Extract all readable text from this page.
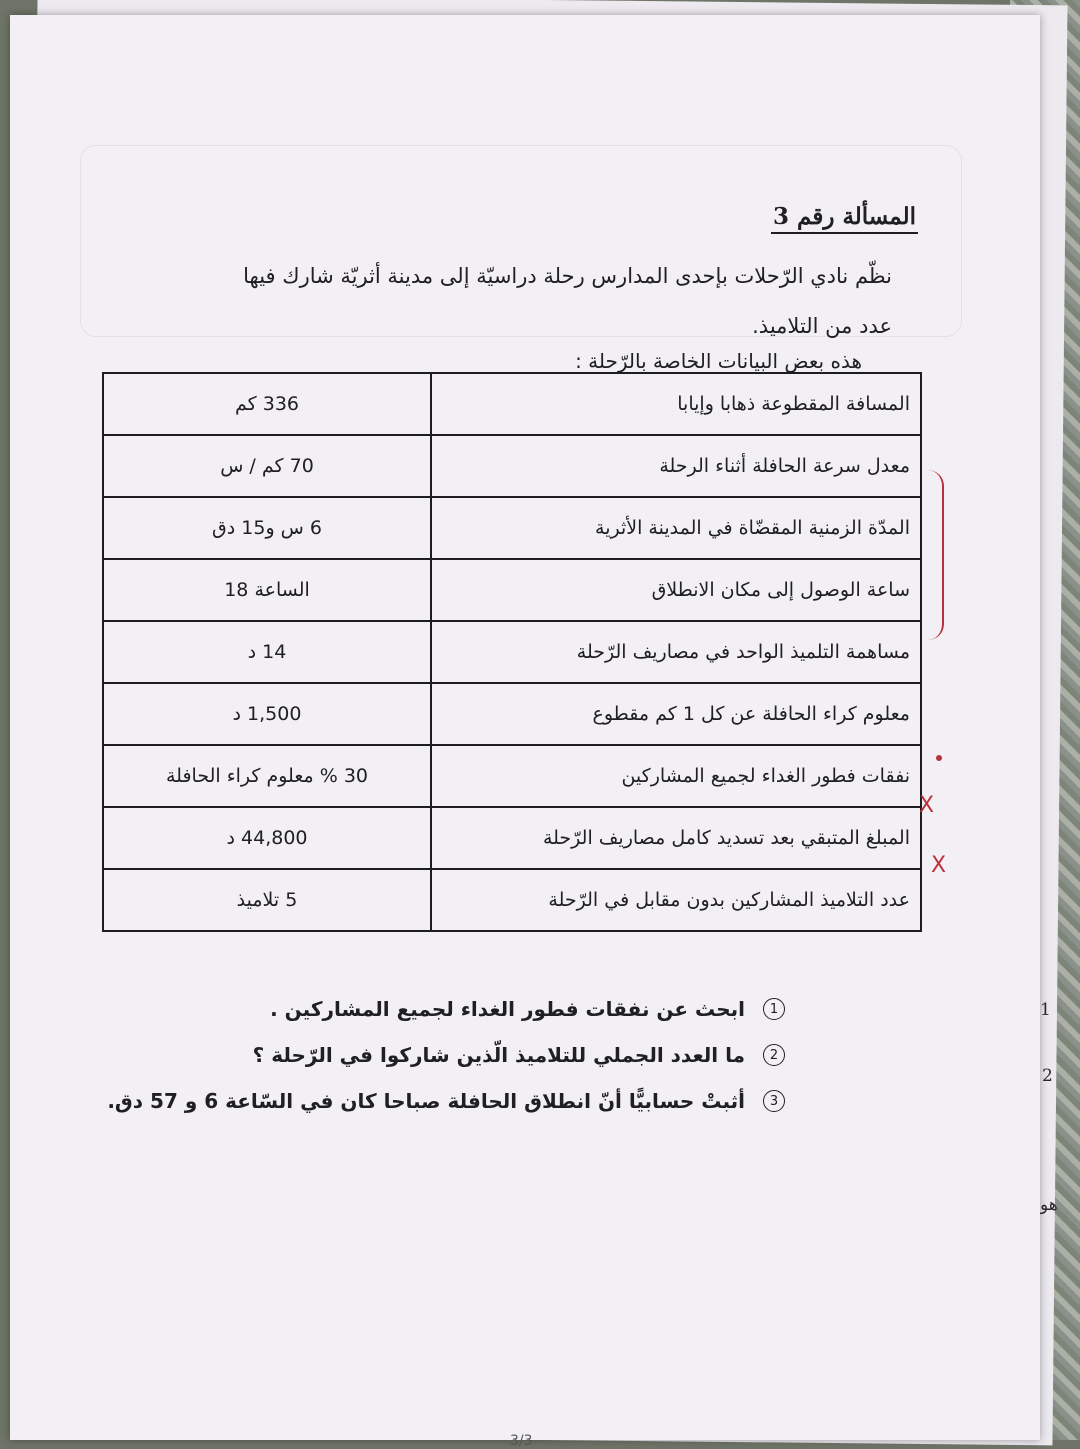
1
2
هو
المسألة رقم 3
نظّم نادي الرّحلات بإحدى المدارس رحلة دراسيّة إلى مدينة أثريّة شارك فيها
عدد من التلاميذ.
هذه بعض البيانات الخاصة بالرّحلة :
المسافة المقطوعة ذهابا وإيابا	336 كم
معدل سرعة الحافلة أثناء الرحلة	70 كم / س
المدّة الزمنية المقضّاة في المدينة الأثرية	6 س و15 دق
ساعة الوصول إلى مكان الانطلاق	الساعة 18
مساهمة التلميذ الواحد في مصاريف الرّحلة	14 د
معلوم كراء الحافلة عن كل 1 كم مقطوع	1,500 د
نفقات فطور الغداء لجميع المشاركين	30 % معلوم كراء الحافلة
المبلغ المتبقي بعد تسديد كامل مصاريف الرّحلة	44,800 د
عدد التلاميذ المشاركين بدون مقابل في الرّحلة	5 تلاميذ
X
X
1
ابحث عن نفقات فطور الغداء لجميع المشاركين .
2
ما العدد الجملي للتلاميذ الّذين شاركوا في الرّحلة ؟
3
أثبتْ حسابيًّا أنّ انطلاق الحافلة صباحا كان في السّاعة 6 و 57 دق.
3/3
